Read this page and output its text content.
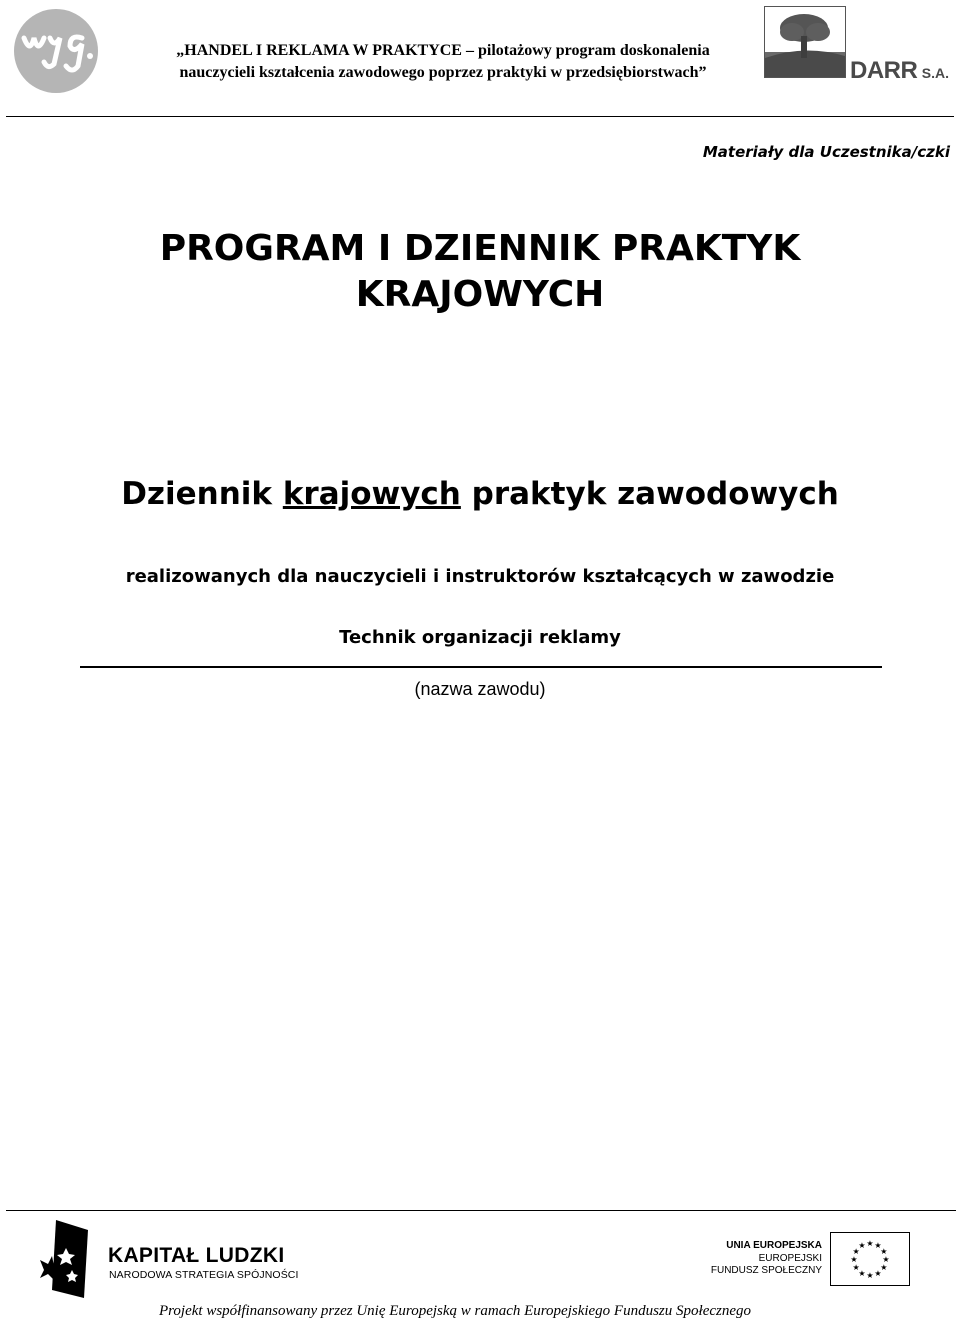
„HANDEL I REKLAMA W PRAKTYCE – pilotażowy program doskonalenia
nauczycieli kształcenia zawodowego poprzez praktyki w przedsiębiorstwach”	DARR S.A.
Materiały dla Uczestnika/czki
PROGRAM I DZIENNIK PRAKTYK
KRAJOWYCH
Dziennik krajowych praktyk zawodowych
realizowanych dla nauczycieli i instruktorów kształcących w zawodzie
Technik organizacji reklamy
(nazwa zawodu)
KAPITAŁ LUDZKI
NARODOWA STRATEGIA SPÓJNOŚCI
UNIA EUROPEJSKA
EUROPEJSKI
FUNDUSZ SPOŁECZNY
★
★
★
★
★
★
★
★
★ ★ ★
★
Projekt współfinansowany przez Unię Europejską w ramach Europejskiego Funduszu Społecznego
